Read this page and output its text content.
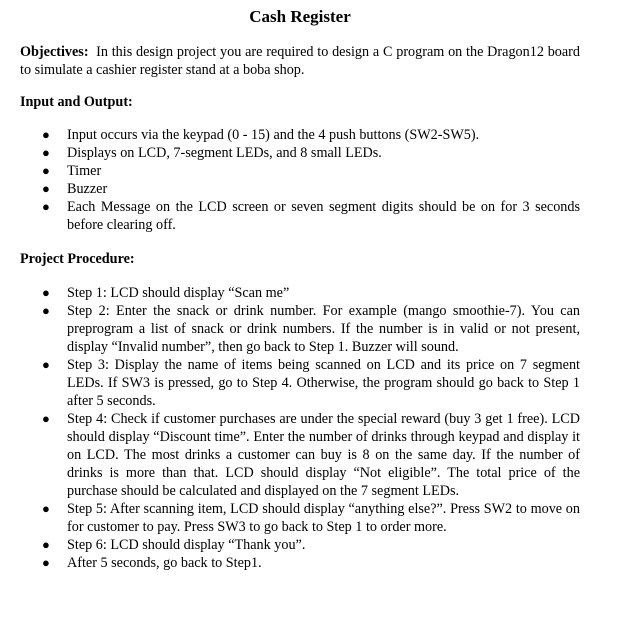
Cash Register

Objectives: In this design project you are required to design a C program on the Dragon12 board to simulate a cashier register stand at a boba shop.

Input and Output:
● Input occurs via the keypad (0 - 15) and the 4 push buttons (SW2-SW5).
● Displays on LCD, 7-segment LEDs, and 8 small LEDs.
● Timer
● Buzzer
● Each Message on the LCD screen or seven segment digits should be on for 3 seconds before clearing off.
Project Procedure:
● Step 1: LCD should display “Scan me”
● Step 2: Enter the snack or drink number. For example (mango smoothie-7). You can preprogram a list of snack or drink numbers. If the number is in valid or not present, display “Invalid number”, then go back to Step 1. Buzzer will sound.
● Step 3: Display the name of items being scanned on LCD and its price on 7 segment LEDs. If SW3 is pressed, go to Step 4. Otherwise, the program should go back to Step 1 after 5 seconds.
● Step 4: Check if customer purchases are under the special reward (buy 3 get 1 free). LCD should display “Discount time”. Enter the number of drinks through keypad and display it on LCD. The most drinks a customer can buy is 8 on the same day. If the number of drinks is more than that. LCD should display “Not eligible”. The total price of the purchase should be calculated and displayed on the 7 segment LEDs.
● Step 5: After scanning item, LCD should display “anything else?”. Press SW2 to move on for customer to pay. Press SW3 to go back to Step 1 to order more.
● Step 6: LCD should display “Thank you”.
● After 5 seconds, go back to Step1.
